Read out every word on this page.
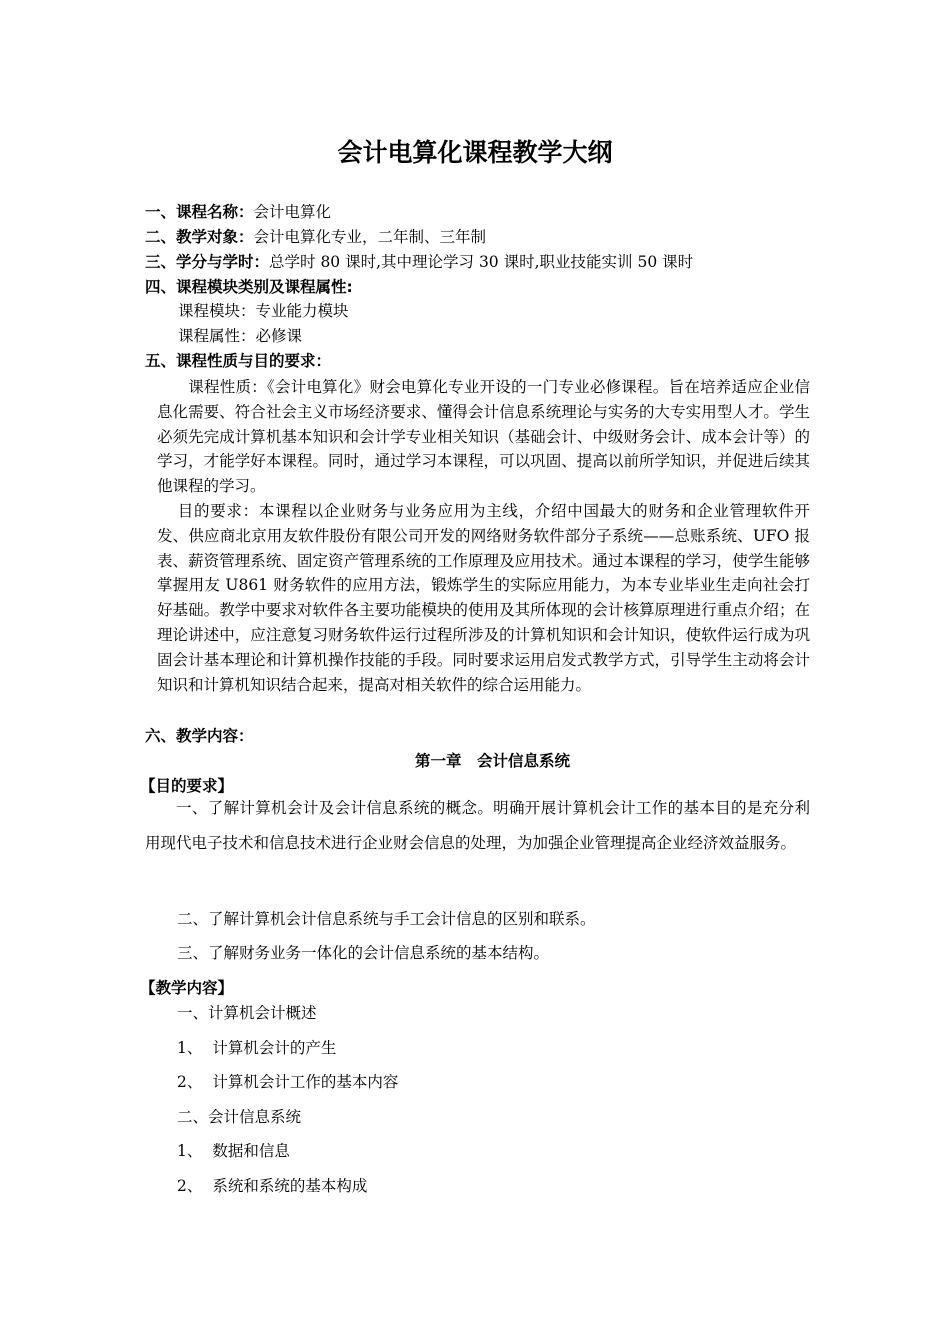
会计电算化课程教学大纲
一、课程名称：会计电算化
二、教学对象：会计电算化专业，二年制、三年制
三、学分与学时：总学时 80 课时,其中理论学习 30 课时,职业技能实训 50 课时
四、课程模块类别及课程属性:
课程模块：专业能力模块
课程属性：必修课
五、课程性质与目的要求：
课程性质：《会计电算化》财会电算化专业开设的一门专业必修课程。旨在培养适应企业信息化需要、符合社会主义市场经济要求、懂得会计信息系统理论与实务的大专实用型人才。学生必须先完成计算机基本知识和会计学专业相关知识（基础会计、中级财务会计、成本会计等）的学习，才能学好本课程。同时，通过学习本课程，可以巩固、提高以前所学知识，并促进后续其他课程的学习。
目的要求：本课程以企业财务与业务应用为主线，介绍中国最大的财务和企业管理软件开发、供应商北京用友软件股份有限公司开发的网络财务软件部分子系统——总账系统、UFO 报表、薪资管理系统、固定资产管理系统的工作原理及应用技术。通过本课程的学习，使学生能够掌握用友 U861 财务软件的应用方法，锻炼学生的实际应用能力，为本专业毕业生走向社会打好基础。教学中要求对软件各主要功能模块的使用及其所体现的会计核算原理进行重点介绍；在理论讲述中，应注意复习财务软件运行过程所涉及的计算机知识和会计知识，使软件运行成为巩固会计基本理论和计算机操作技能的手段。同时要求运用启发式教学方式，引导学生主动将会计知识和计算机知识结合起来，提高对相关软件的综合运用能力。
六、教学内容：
第一章　会计信息系统
【目的要求】
一、了解计算机会计及会计信息系统的概念。明确开展计算机会计工作的基本目的是充分利用现代电子技术和信息技术进行企业财会信息的处理，为加强企业管理提高企业经济效益服务。
二、了解计算机会计信息系统与手工会计信息的区别和联系。
三、了解财务业务一体化的会计信息系统的基本结构。
【教学内容】
一、计算机会计概述
1、 计算机会计的产生
2、 计算机会计工作的基本内容
二、会计信息系统
1、 数据和信息
2、 系统和系统的基本构成
